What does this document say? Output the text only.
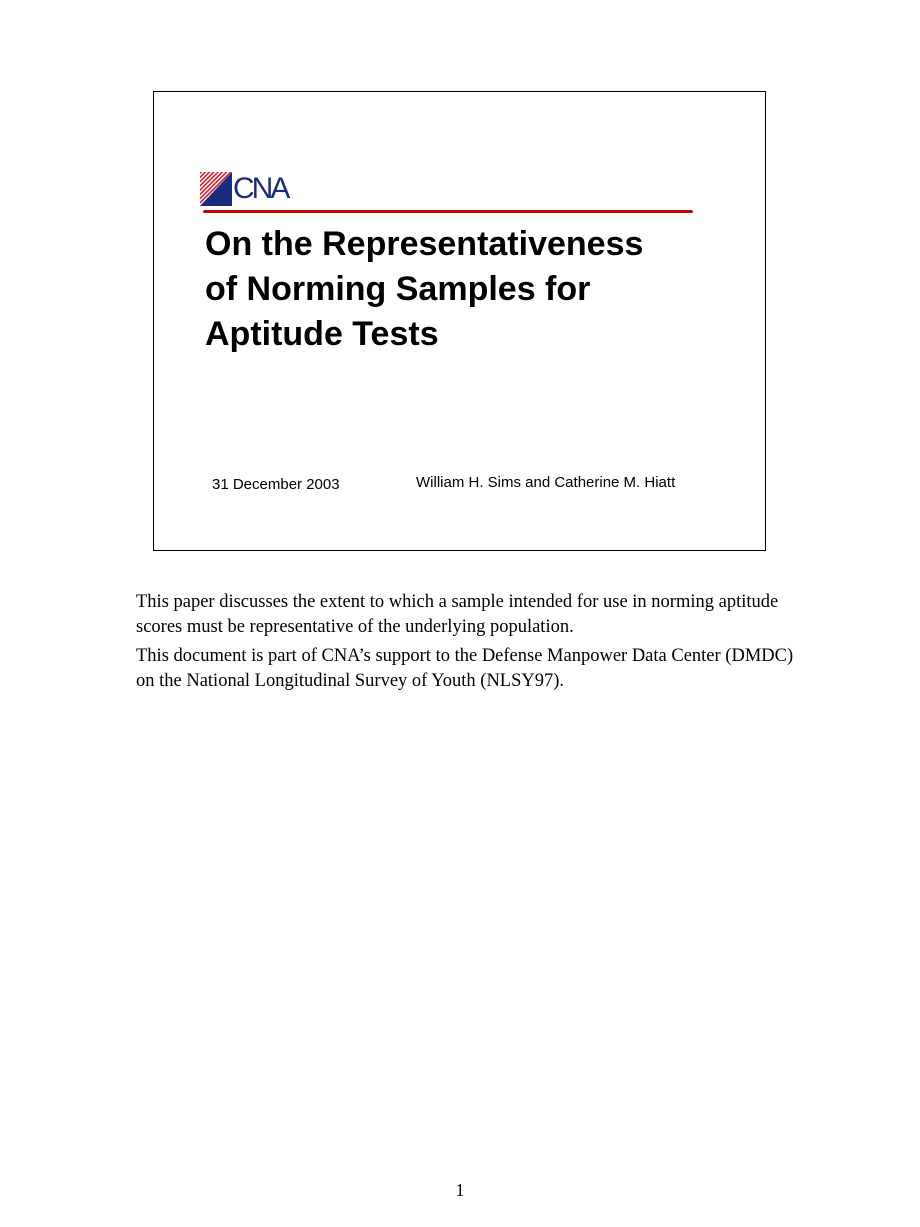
CNA
On the Representativeness
of Norming Samples for
Aptitude Tests
31 December 2003	William H. Sims and Catherine M. Hiatt

This paper discusses the extent to which a sample intended for use in norming aptitude scores must be representative of the underlying population.

This document is part of CNA’s support to the Defense Manpower Data Center (DMDC) on the National Longitudinal Survey of Youth (NLSY97).

1
